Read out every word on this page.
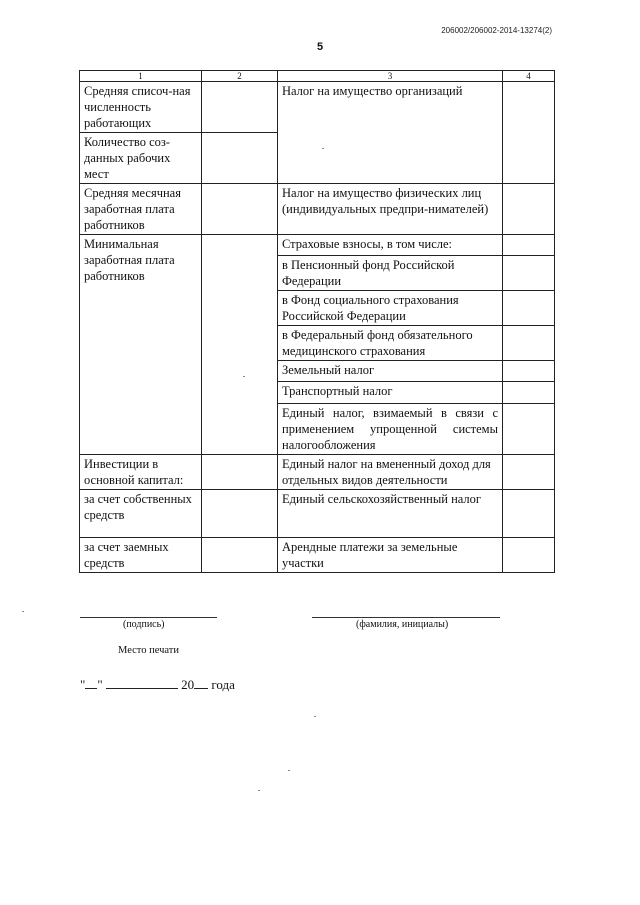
206002/206002-2014-13274(2)
5
1	2	3	4
Средняя списоч-ная численность работающих		Налог на имущество организаций	
Количество соз-данных рабочих мест			
Средняя месячная заработная плата работников		Налог на имущество физических лиц (индивидуальных предпри-нимателей)	
Минимальная заработная плата работников		Страховые взносы, в том числе:	
		в Пенсионный фонд Российской Федерации	
		в Фонд социального страхования Российской Федерации	
		в Федеральный фонд обязательного медицинского страхования	
		Земельный налог	
		Транспортный налог	
		Единый налог, взимаемый в связи с применением упрощенной системы налогообложения	
Инвестиции в основной капитал:		Единый налог на вмененный доход для отдельных видов деятельности	
за счет собственных средств		Единый сельскохозяйственный налог	
за счет заемных средств		Арендные платежи за земельные участки	
(подпись)	(фамилия, инициалы)
Место печати
" "	20 года
